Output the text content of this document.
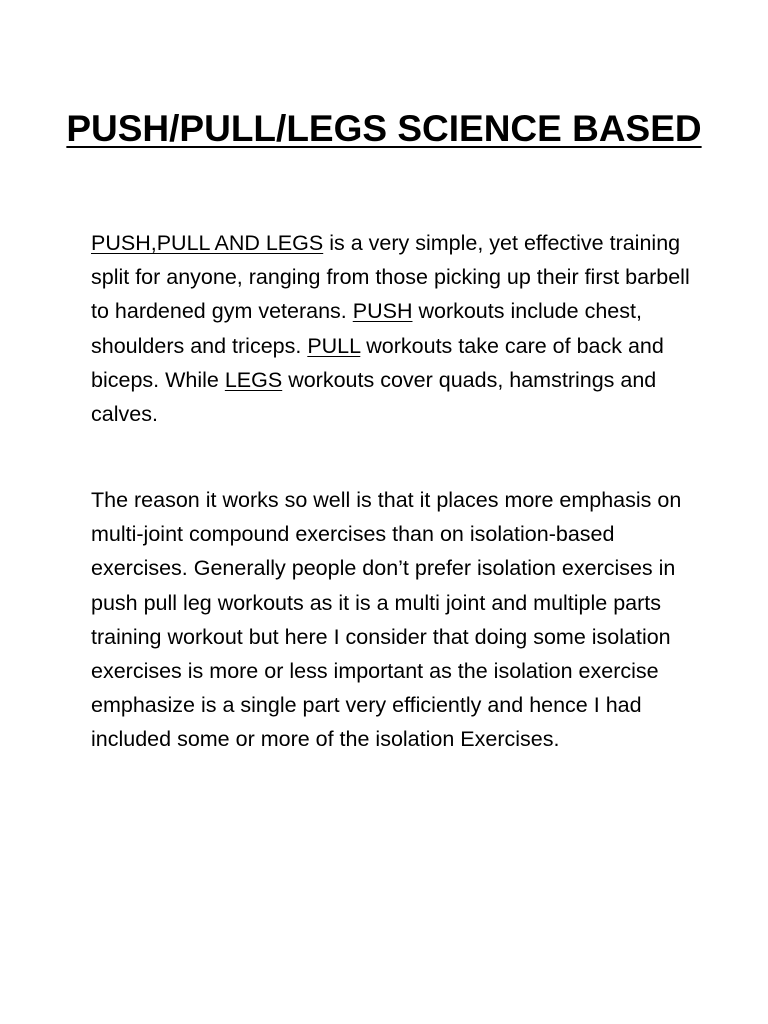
PUSH/PULL/LEGS SCIENCE BASED

PUSH,PULL AND LEGS is a very simple, yet effective training split for anyone, ranging from those picking up their first barbell to hardened gym veterans. PUSH workouts include chest, shoulders and triceps. PULL workouts take care of back and biceps. While LEGS workouts cover quads, hamstrings and calves.

The reason it works so well is that it places more emphasis on multi-joint compound exercises than on isolation-based exercises. Generally people don’t prefer isolation exercises in push pull leg workouts as it is a multi joint and multiple parts training workout but here I consider that doing some isolation exercises is more or less important as the isolation exercise emphasize is a single part very efficiently and hence I had included some or more of the isolation Exercises.
